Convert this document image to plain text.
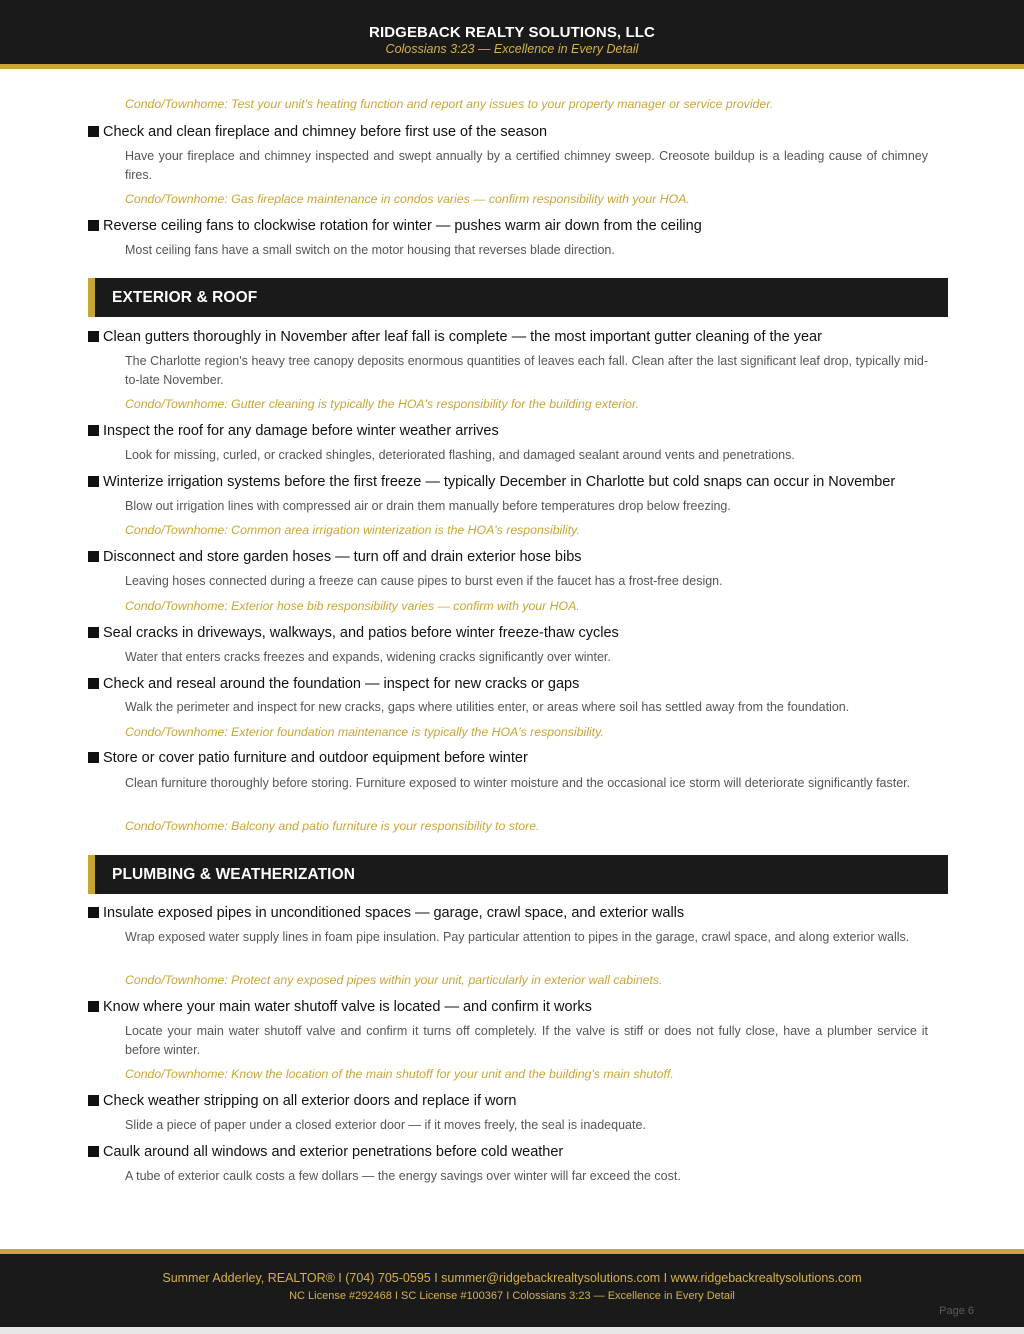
RIDGEBACK REALTY SOLUTIONS, LLC
Colossians 3:23 — Excellence in Every Detail
Condo/Townhome: Test your unit's heating function and report any issues to your property manager or service provider.
Check and clean fireplace and chimney before first use of the season
Have your fireplace and chimney inspected and swept annually by a certified chimney sweep. Creosote buildup is a leading cause of chimney fires.
Condo/Townhome: Gas fireplace maintenance in condos varies — confirm responsibility with your HOA.
Reverse ceiling fans to clockwise rotation for winter — pushes warm air down from the ceiling
Most ceiling fans have a small switch on the motor housing that reverses blade direction.
EXTERIOR & ROOF
Clean gutters thoroughly in November after leaf fall is complete — the most important gutter cleaning of the year
The Charlotte region's heavy tree canopy deposits enormous quantities of leaves each fall. Clean after the last significant leaf drop, typically mid-to-late November.
Condo/Townhome: Gutter cleaning is typically the HOA's responsibility for the building exterior.
Inspect the roof for any damage before winter weather arrives
Look for missing, curled, or cracked shingles, deteriorated flashing, and damaged sealant around vents and penetrations.
Winterize irrigation systems before the first freeze — typically December in Charlotte but cold snaps can occur in November
Blow out irrigation lines with compressed air or drain them manually before temperatures drop below freezing.
Condo/Townhome: Common area irrigation winterization is the HOA's responsibility.
Disconnect and store garden hoses — turn off and drain exterior hose bibs
Leaving hoses connected during a freeze can cause pipes to burst even if the faucet has a frost-free design.
Condo/Townhome: Exterior hose bib responsibility varies — confirm with your HOA.
Seal cracks in driveways, walkways, and patios before winter freeze-thaw cycles
Water that enters cracks freezes and expands, widening cracks significantly over winter.
Check and reseal around the foundation — inspect for new cracks or gaps
Walk the perimeter and inspect for new cracks, gaps where utilities enter, or areas where soil has settled away from the foundation.
Condo/Townhome: Exterior foundation maintenance is typically the HOA's responsibility.
Store or cover patio furniture and outdoor equipment before winter
Clean furniture thoroughly before storing. Furniture exposed to winter moisture and the occasional ice storm will deteriorate significantly faster.
Condo/Townhome: Balcony and patio furniture is your responsibility to store.
PLUMBING & WEATHERIZATION
Insulate exposed pipes in unconditioned spaces — garage, crawl space, and exterior walls
Wrap exposed water supply lines in foam pipe insulation. Pay particular attention to pipes in the garage, crawl space, and along exterior walls.
Condo/Townhome: Protect any exposed pipes within your unit, particularly in exterior wall cabinets.
Know where your main water shutoff valve is located — and confirm it works
Locate your main water shutoff valve and confirm it turns off completely. If the valve is stiff or does not fully close, have a plumber service it before winter.
Condo/Townhome: Know the location of the main shutoff for your unit and the building's main shutoff.
Check weather stripping on all exterior doors and replace if worn
Slide a piece of paper under a closed exterior door — if it moves freely, the seal is inadequate.
Caulk around all windows and exterior penetrations before cold weather
A tube of exterior caulk costs a few dollars — the energy savings over winter will far exceed the cost.
Summer Adderley, REALTOR® I (704) 705-0595 I summer@ridgebackrealtysolutions.com I www.ridgebackrealtysolutions.com
NC License #292468 I SC License #100367 I Colossians 3:23 — Excellence in Every Detail
Page 6
